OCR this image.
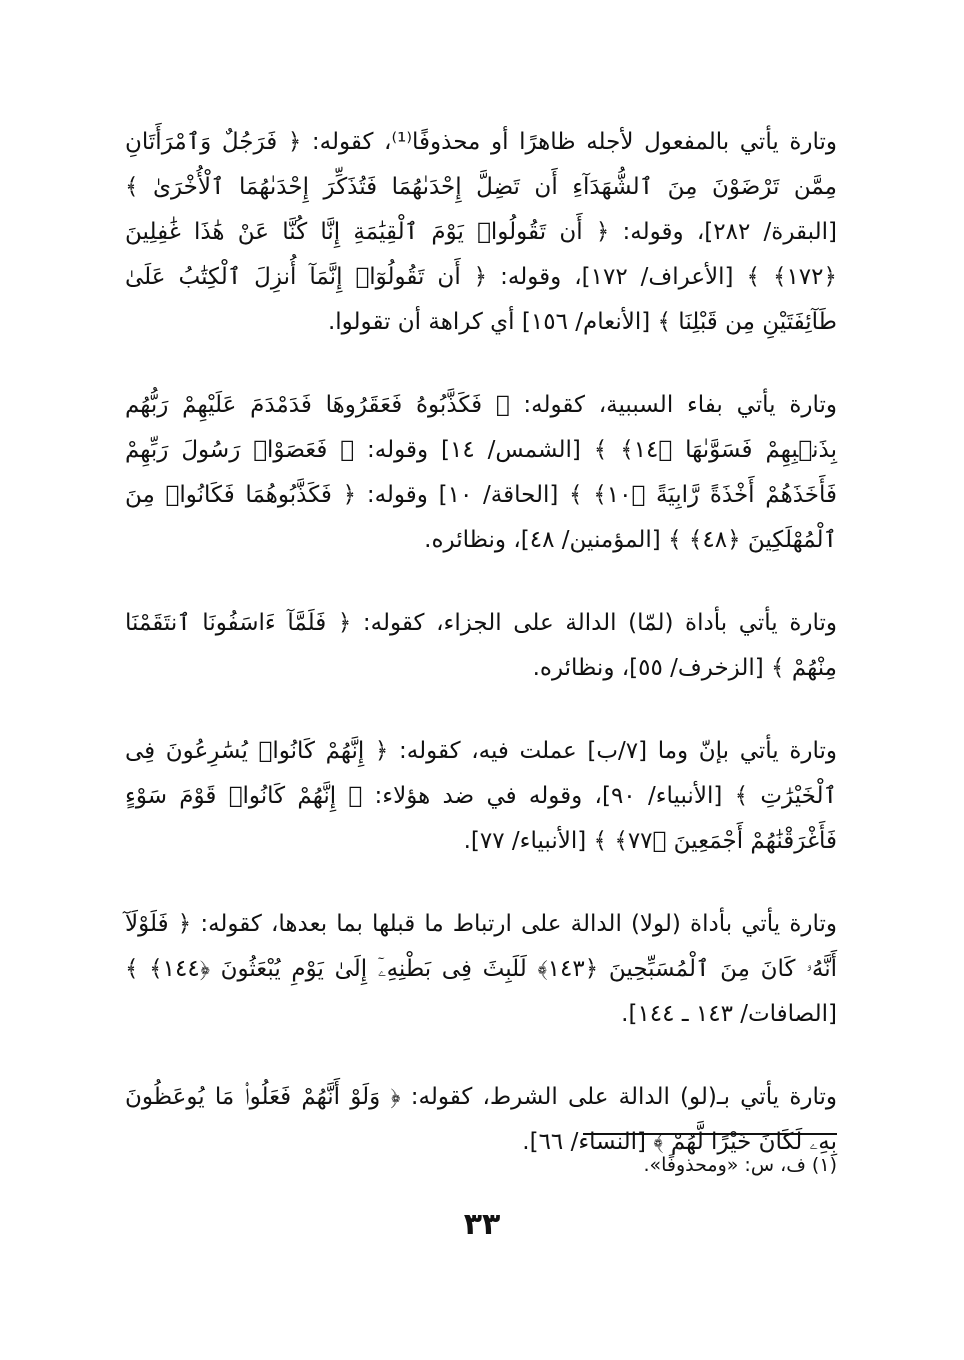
وتارة يأتي بالمفعول لأجله ظاهرًا أو محذوفًا⁽¹⁾، كقوله: ﴿ فَرَجُلٌ وَٱمْرَأَتَانِ مِمَّن تَرْضَوْنَ مِنَ ٱلشُّهَدَآءِ أَن تَضِلَّ إِحْدَىٰهُمَا فَتُذَكِّرَ إِحْدَىٰهُمَا ٱلْأُخْرَىٰ ﴾ [البقرة/ ٢٨٢]، وقوله: ﴿ أَن تَقُولُوا۟ يَوْمَ ٱلْقِيَٰمَةِ إِنَّا كُنَّا عَنْ هَٰذَا غَٰفِلِينَ ﴿١٧٢﴾ ﴾ [الأعراف/ ١٧٢]، وقوله: ﴿ أَن تَقُولُوٓا۟ إِنَّمَآ أُنزِلَ ٱلْكِتَٰبُ عَلَىٰ طَآئِفَتَيْنِ مِن قَبْلِنَا ﴾ [الأنعام/ ١٥٦] أي كراهة أن تقولوا.

وتارة يأتي بفاء السببية، كقوله: ﴿ فَكَذَّبُوهُ فَعَقَرُوهَا فَدَمْدَمَ عَلَيْهِمْ رَبُّهُم بِذَنۢبِهِمْ فَسَوَّىٰهَا ﴿١٤﴾ ﴾ [الشمس/ ١٤] وقوله: ﴿ فَعَصَوْا۟ رَسُولَ رَبِّهِمْ فَأَخَذَهُمْ أَخْذَةً رَّابِيَةً ﴿١٠﴾ ﴾ [الحاقة/ ١٠] وقوله: ﴿ فَكَذَّبُوهُمَا فَكَانُوا۟ مِنَ ٱلْمُهْلَكِينَ ﴿٤٨﴾ ﴾ [المؤمنين/ ٤٨]، ونظائره.

وتارة يأتي بأداة (لمّا) الدالة على الجزاء، كقوله: ﴿ فَلَمَّآ ءَاسَفُونَا ٱنتَقَمْنَا مِنْهُمْ ﴾ [الزخرف/ ٥٥]، ونظائره.

وتارة يأتي بإنّ وما [٧/ب] عملت فيه، كقوله: ﴿ إِنَّهُمْ كَانُوا۟ يُسَٰرِعُونَ فِى ٱلْخَيْرَٰتِ ﴾ [الأنبياء/ ٩٠]، وقوله في ضد هؤلاء: ﴿ إِنَّهُمْ كَانُوا۟ قَوْمَ سَوْءٍ فَأَغْرَقْنَٰهُمْ أَجْمَعِينَ ﴿٧٧﴾ ﴾ [الأنبياء/ ٧٧].

وتارة يأتي بأداة (لولا) الدالة على ارتباط ما قبلها بما بعدها، كقوله: ﴿ فَلَوْلَآ أَنَّهُۥ كَانَ مِنَ ٱلْمُسَبِّحِينَ ﴿١٤٣﴾ لَلَبِثَ فِى بَطْنِهِۦٓ إِلَىٰ يَوْمِ يُبْعَثُونَ ﴿١٤٤﴾ ﴾ [الصافات/ ١٤٣ ـ ١٤٤].

وتارة يأتي بـ(لو) الدالة على الشرط، كقوله: ﴿ وَلَوْ أَنَّهُمْ فَعَلُوا۟ مَا يُوعَظُونَ بِهِۦ لَكَانَ خَيْرًا لَّهُمْ ﴾ [النساء/ ٦٦].

(١) ف، س: «ومحذوفًا».
٣٣
